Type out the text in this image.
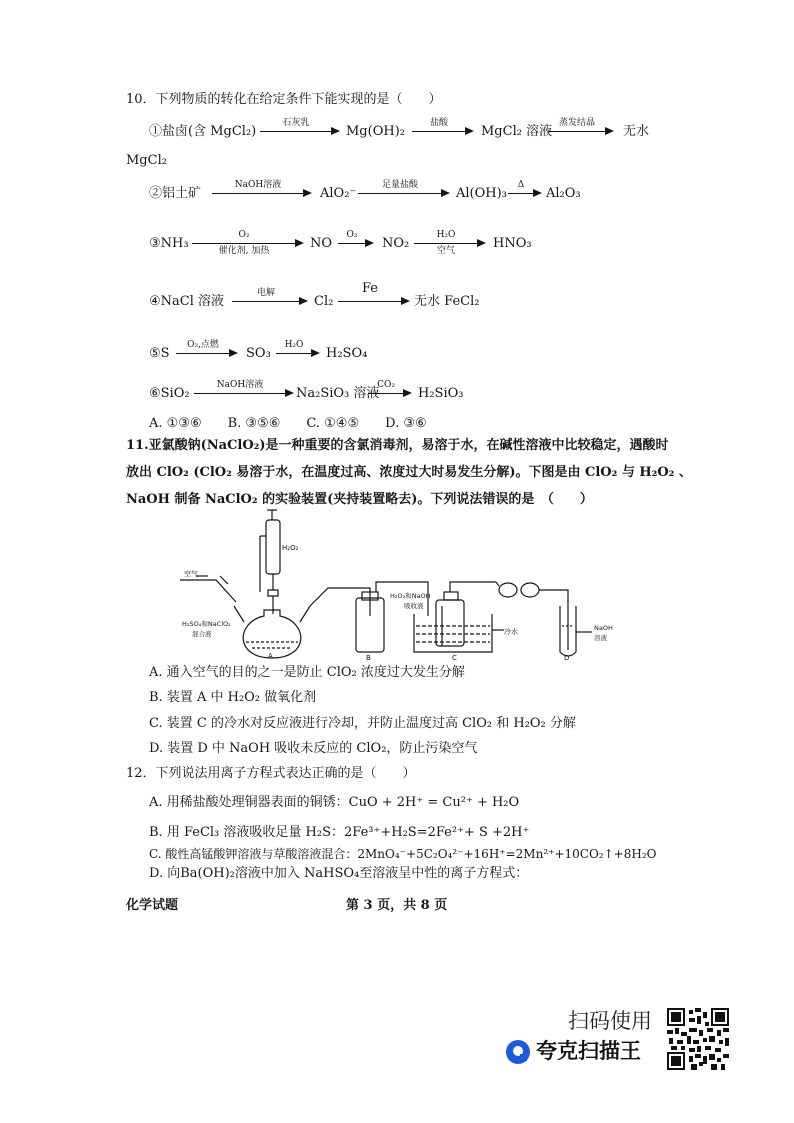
10．下列物质的转化在给定条件下能实现的是（　　）
①盐卤(含 MgCl₂)
石灰乳
Mg(OH)₂
盐酸
MgCl₂ 溶液
蒸发结晶
无水
MgCl₂
②铝土矿
NaOH溶液
AlO₂⁻
足量盐酸
Al(OH)₃
Δ
Al₂O₃
③NH₃
O₂
催化剂, 加热	NO
O₂
NO₂
H₂O
空气	HNO₃
④NaCl 溶液
电解
Cl₂
Fe
无水 FeCl₂
⑤S
O₂,点燃
SO₃
H₂O
H₂SO₄
⑥SiO₂
NaOH溶液
Na₂SiO₃ 溶液
CO₂
H₂SiO₃
A. ①③⑥　　B. ③⑤⑥　　C. ①④⑤　　D. ③⑥
11.亚氯酸钠(NaClO₂)是一种重要的含氯消毒剂，易溶于水，在碱性溶液中比较稳定，遇酸时
放出 ClO₂ (ClO₂ 易溶于水，在温度过高、浓度过大时易发生分解)。下图是由 ClO₂ 与 H₂O₂ 、
NaOH 制备 NaClO₂ 的实验装置(夹持装置略去)。下列说法错误的是　（　　）
H₂O₂
空气
H₂SO₄和NaClO₂
混合液
H₂O₂和NaOH
吸收液
冷水	NaOH
溶液
A	B	C	D
A. 通入空气的目的之一是防止 ClO₂ 浓度过大发生分解
B. 装置 A 中 H₂O₂ 做氧化剂
C. 装置 C 的冷水对反应液进行冷却，并防止温度过高 ClO₂ 和 H₂O₂ 分解
D. 装置 D 中 NaOH 吸收未反应的 ClO₂，防止污染空气
12．下列说法用离子方程式表达正确的是（　　）
A. 用稀盐酸处理铜器表面的铜锈：CuO + 2H⁺ = Cu²⁺ + H₂O
B. 用 FeCl₃ 溶液吸收足量 H₂S：2Fe³⁺+H₂S=2Fe²⁺+ S +2H⁺
C. 酸性高锰酸钾溶液与草酸溶液混合：2MnO₄⁻+5C₂O₄²⁻+16H⁺=2Mn²⁺+10CO₂↑+8H₂O
D. 向Ba(OH)₂溶液中加入 NaHSO₄至溶液呈中性的离子方程式：
化学试题	第 3 页，共 8 页
扫码使用
夸克扫描王
